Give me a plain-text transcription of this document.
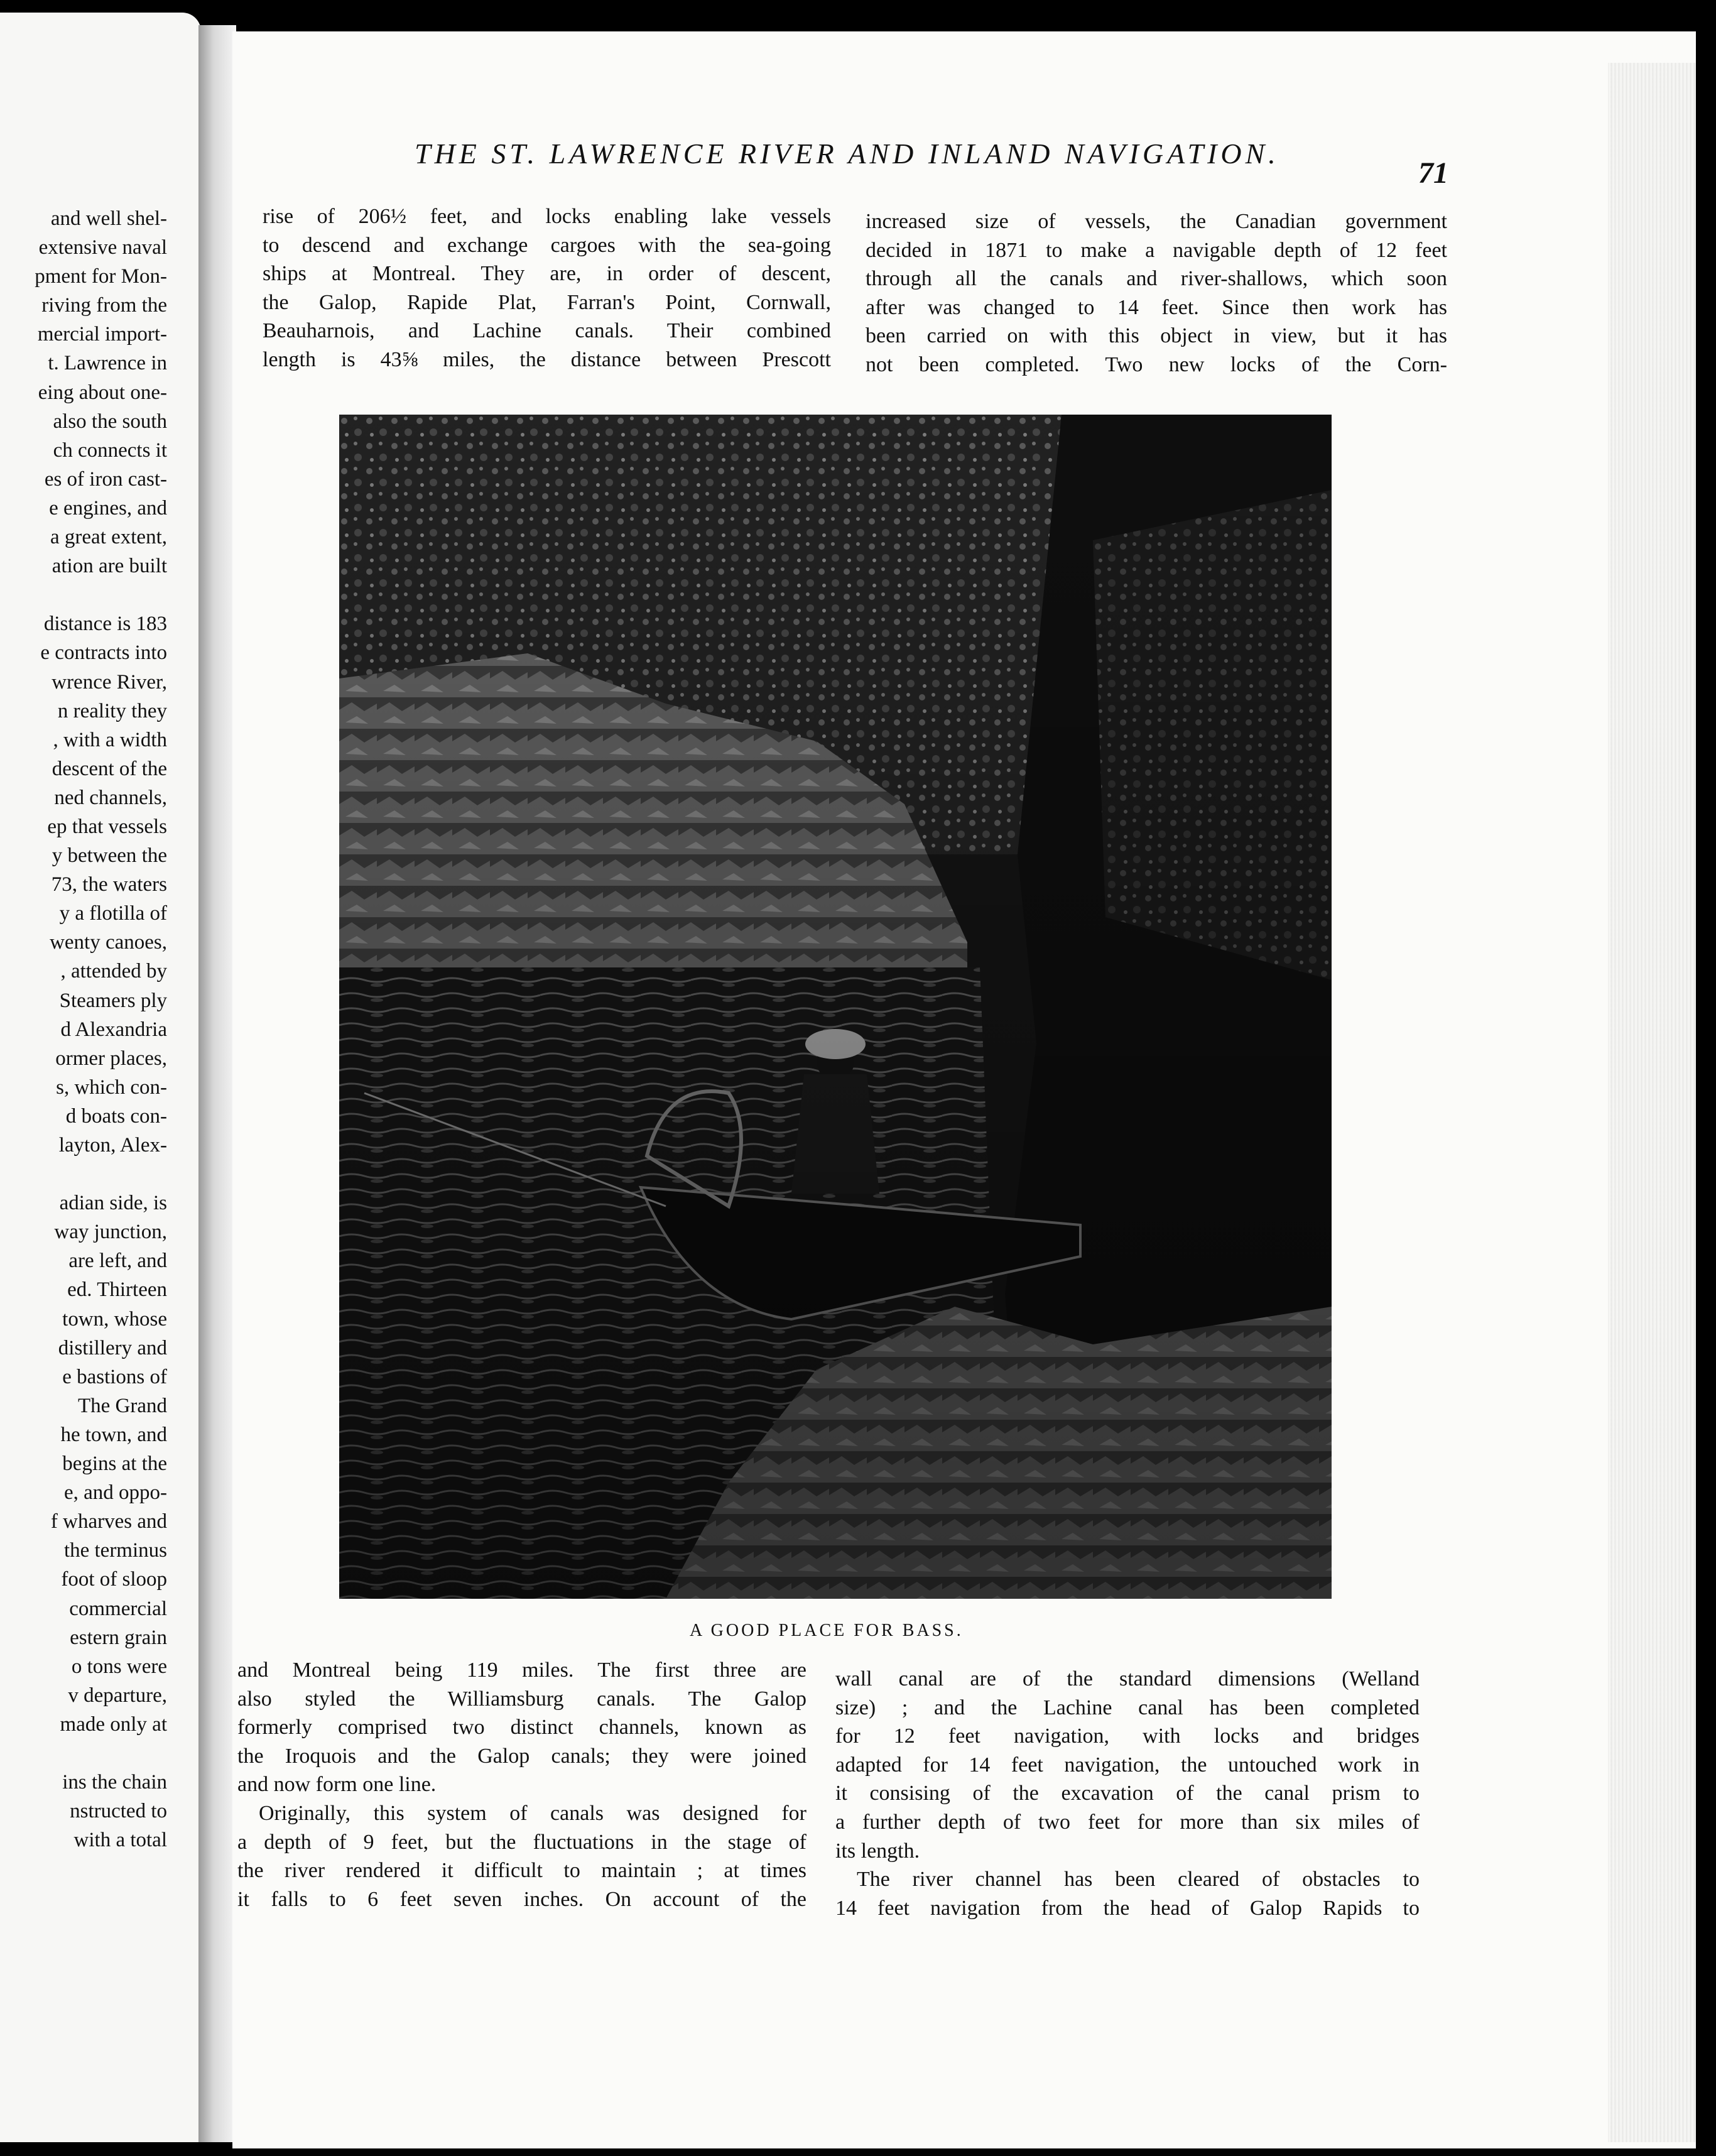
and well shel-
extensive naval
pment for Mon-
riving from the
mercial import-
t. Lawrence in
eing about one-
also the south
ch connects it
es of iron cast-
e engines, and
a great extent,
ation are built
distance is 183
e contracts into
wrence River,
n reality they
, with a width
descent of the
ned channels,
ep that vessels
y between the
73, the waters
y a flotilla of
wenty canoes,
, attended by
Steamers ply
d Alexandria
ormer places,
s, which con-
d boats con-
layton, Alex-
adian side, is
way junction,
are left, and
ed. Thirteen
town, whose
distillery and
e bastions of
The Grand
he town, and
begins at the
e, and oppo-
f wharves and
the terminus
foot of sloop
commercial
estern grain
o tons were
v departure,
made only at
ins the chain
nstructed to
with a total
THE ST. LAWRENCE RIVER AND INLAND NAVIGATION.
71
rise of 206½ feet, and locks enabling lake vessels
to descend and exchange cargoes with the sea-going
ships at Montreal. They are, in order of descent,
the Galop, Rapide Plat, Farran's Point, Cornwall,
Beauharnois, and Lachine canals. Their combined
length is 43⅝ miles, the distance between Prescott
increased size of vessels, the Canadian government
decided in 1871 to make a navigable depth of 12 feet
through all the canals and river-shallows, which soon
after was changed to 14 feet. Since then work has
been carried on with this object in view, but it has
not been completed. Two new locks of the Corn-
A GOOD PLACE FOR BASS.
and Montreal being 119 miles. The first three are
also styled the Williamsburg canals. The Galop
formerly comprised two distinct channels, known as
the Iroquois and the Galop canals; they were joined
and now form one line.
Originally, this system of canals was designed for
a depth of 9 feet, but the fluctuations in the stage of
the river rendered it difficult to maintain ; at times
it falls to 6 feet seven inches. On account of the
wall canal are of the standard dimensions (Welland
size) ; and the Lachine canal has been completed
for 12 feet navigation, with locks and bridges
adapted for 14 feet navigation, the untouched work in
it consising of the excavation of the canal prism to
a further depth of two feet for more than six miles of
its length.
The river channel has been cleared of obstacles to
14 feet navigation from the head of Galop Rapids to
